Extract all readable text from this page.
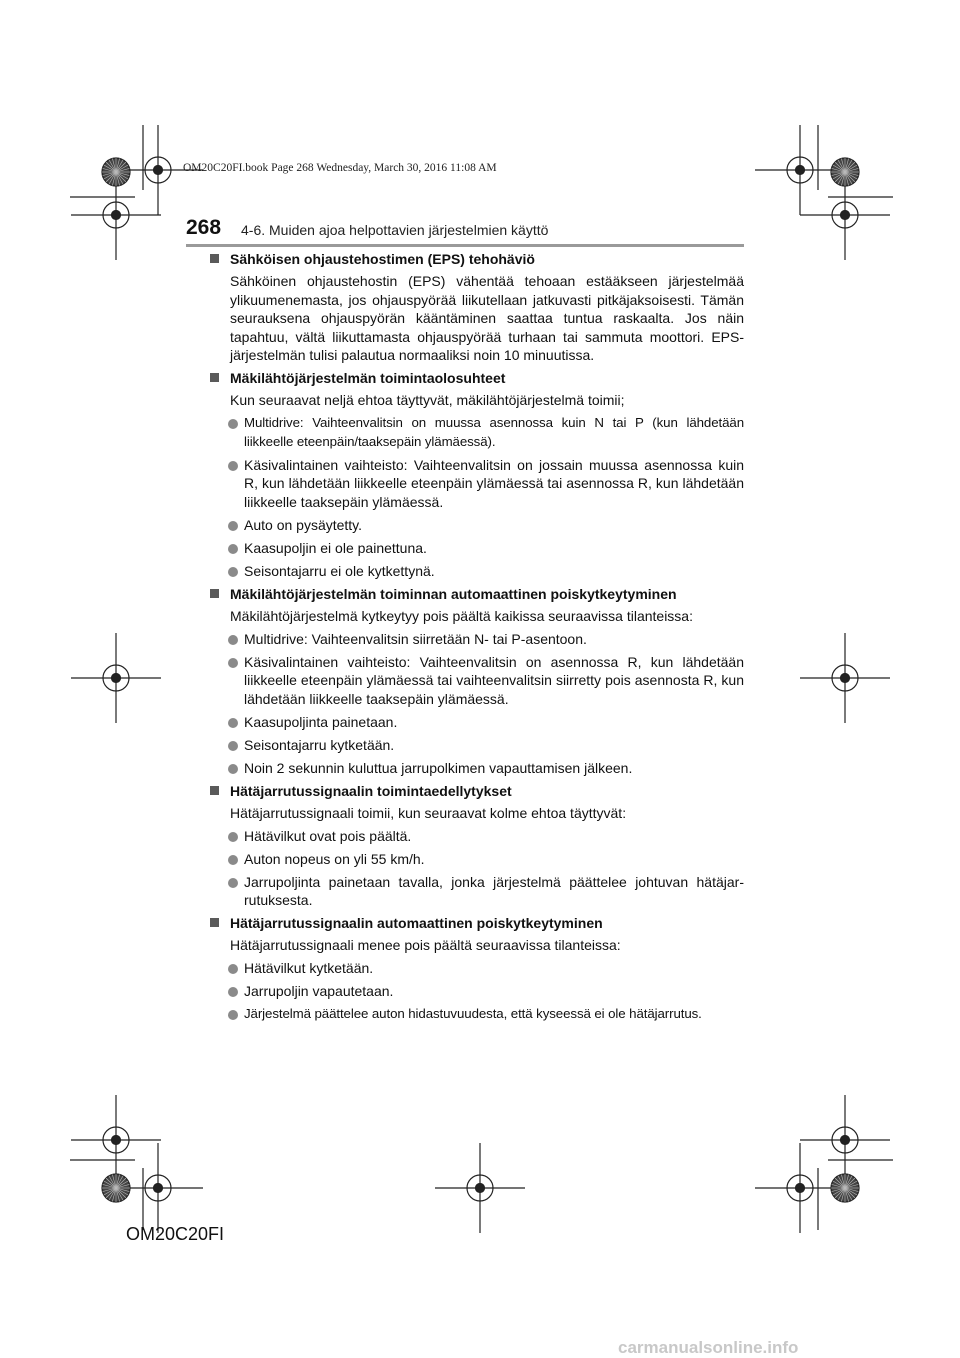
OM20C20FI.book Page 268 Wednesday, March 30, 2016 11:08 AM
268 4-6. Muiden ajoa helpottavien järjestelmien käyttö
Sähköisen ohjaustehostimen (EPS) tehohäviö
Sähköinen ohjaustehostin (EPS) vähentää tehoaan estääkseen järjestelmää ylikuumenemasta, jos ohjauspyörää liikutellaan jatkuvasti pitkäjaksoisesti. Tämän seurauksena ohjauspyörän kääntäminen saattaa tuntua raskaalta. Jos näin tapahtuu, vältä liikuttamasta ohjauspyörää turhaan tai sammuta moottori. EPS-järjestelmän tulisi palautua normaaliksi noin 10 minuutissa.
Mäkilähtöjärjestelmän toimintaolosuhteet
Kun seuraavat neljä ehtoa täyttyvät, mäkilähtöjärjestelmä toimii;
Multidrive: Vaihteenvalitsin on muussa asennossa kuin N tai P (kun lähdetään liikkeelle eteenpäin/taaksepäin ylämäessä).
Käsivalintainen vaihteisto: Vaihteenvalitsin on jossain muussa asennossa kuin R, kun lähdetään liikkeelle eteenpäin ylämäessä tai asennossa R, kun lähdetään liikkeelle taaksepäin ylämäessä.
Auto on pysäytetty.
Kaasupoljin ei ole painettuna.
Seisontajarru ei ole kytkettynä.
Mäkilähtöjärjestelmän toiminnan automaattinen poiskytkeytyminen
Mäkilähtöjärjestelmä kytkeytyy pois päältä kaikissa seuraavissa tilanteissa:
Multidrive: Vaihteenvalitsin siirretään N- tai P-asentoon.
Käsivalintainen vaihteisto: Vaihteenvalitsin on asennossa R, kun lähdetään liikkeelle eteenpäin ylämäessä tai vaihteenvalitsin siirretty pois asennosta R, kun lähdetään liikkeelle taaksepäin ylämäessä.
Kaasupoljinta painetaan.
Seisontajarru kytketään.
Noin 2 sekunnin kuluttua jarrupolkimen vapauttamisen jälkeen.
Hätäjarrutussignaalin toimintaedellytykset
Hätäjarrutussignaali toimii, kun seuraavat kolme ehtoa täyttyvät:
Hätävilkut ovat pois päältä.
Auton nopeus on yli 55 km/h.
Jarrupoljinta painetaan tavalla, jonka järjestelmä päättelee johtuvan hätäjarrutuksesta.
Hätäjarrutussignaalin automaattinen poiskytkeytyminen
Hätäjarrutussignaali menee pois päältä seuraavissa tilanteissa:
Hätävilkut kytketään.
Jarrupoljin vapautetaan.
Järjestelmä päättelee auton hidastuvuudesta, että kyseessä ei ole hätäjarrutus.
OM20C20FI
carmanualsonline.info
